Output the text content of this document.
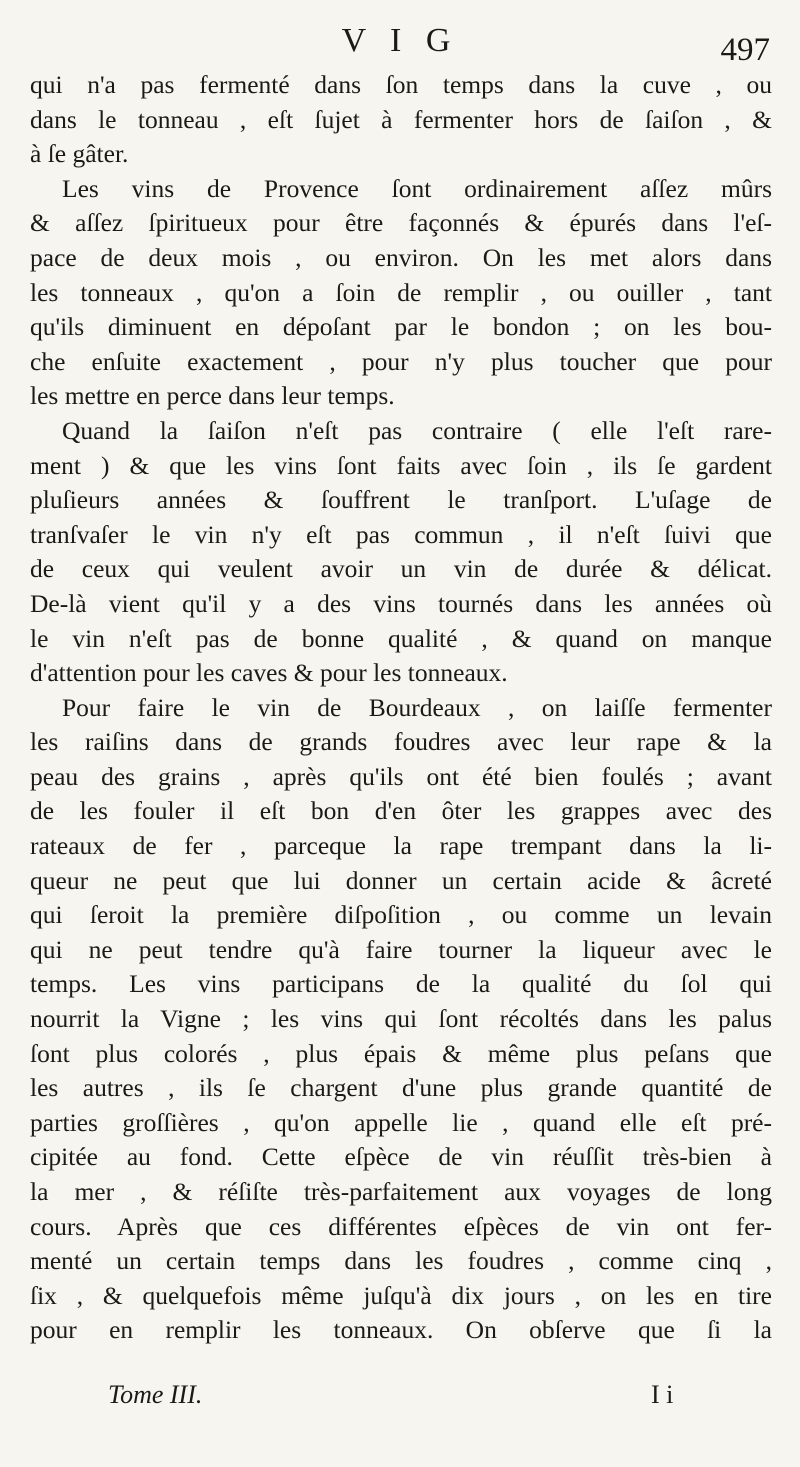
V I G	497
qui n'a pas fermenté dans ſon temps dans la cuve , ou
dans le tonneau , eſt ſujet à fermenter hors de ſaiſon , &
à ſe gâter.
Les vins de Provence ſont ordinairement aſſez mûrs
& aſſez ſpiritueux pour être façonnés & épurés dans l'eſ-
pace de deux mois , ou environ. On les met alors dans
les tonneaux , qu'on a ſoin de remplir , ou ouiller , tant
qu'ils diminuent en dépoſant par le bondon ; on les bou-
che enſuite exactement , pour n'y plus toucher que pour
les mettre en perce dans leur temps.
Quand la ſaiſon n'eſt pas contraire ( elle l'eſt rare-
ment ) & que les vins ſont faits avec ſoin , ils ſe gardent
pluſieurs années & ſouffrent le tranſport. L'uſage de
tranſvaſer le vin n'y eſt pas commun , il n'eſt ſuivi que
de ceux qui veulent avoir un vin de durée & délicat.
De-là vient qu'il y a des vins tournés dans les années où
le vin n'eſt pas de bonne qualité , & quand on manque
d'attention pour les caves & pour les tonneaux.
Pour faire le vin de Bourdeaux , on laiſſe fermenter
les raiſins dans de grands foudres avec leur rape & la
peau des grains , après qu'ils ont été bien foulés ; avant
de les fouler il eſt bon d'en ôter les grappes avec des
rateaux de fer , parceque la rape trempant dans la li-
queur ne peut que lui donner un certain acide & âcreté
qui ſeroit la première diſpoſition , ou comme un levain
qui ne peut tendre qu'à faire tourner la liqueur avec le
temps. Les vins participans de la qualité du ſol qui
nourrit la Vigne ; les vins qui ſont récoltés dans les palus
ſont plus colorés , plus épais & même plus peſans que
les autres , ils ſe chargent d'une plus grande quantité de
parties groſſières , qu'on appelle lie , quand elle eſt pré-
cipitée au fond. Cette eſpèce de vin réuſſit très-bien à
la mer , & réſiſte très-parfaitement aux voyages de long
cours. Après que ces différentes eſpèces de vin ont fer-
menté un certain temps dans les foudres , comme cinq ,
ſix , & quelquefois même juſqu'à dix jours , on les en tire
pour en remplir les tonneaux. On obſerve que ſi la
Tome III.	I i
